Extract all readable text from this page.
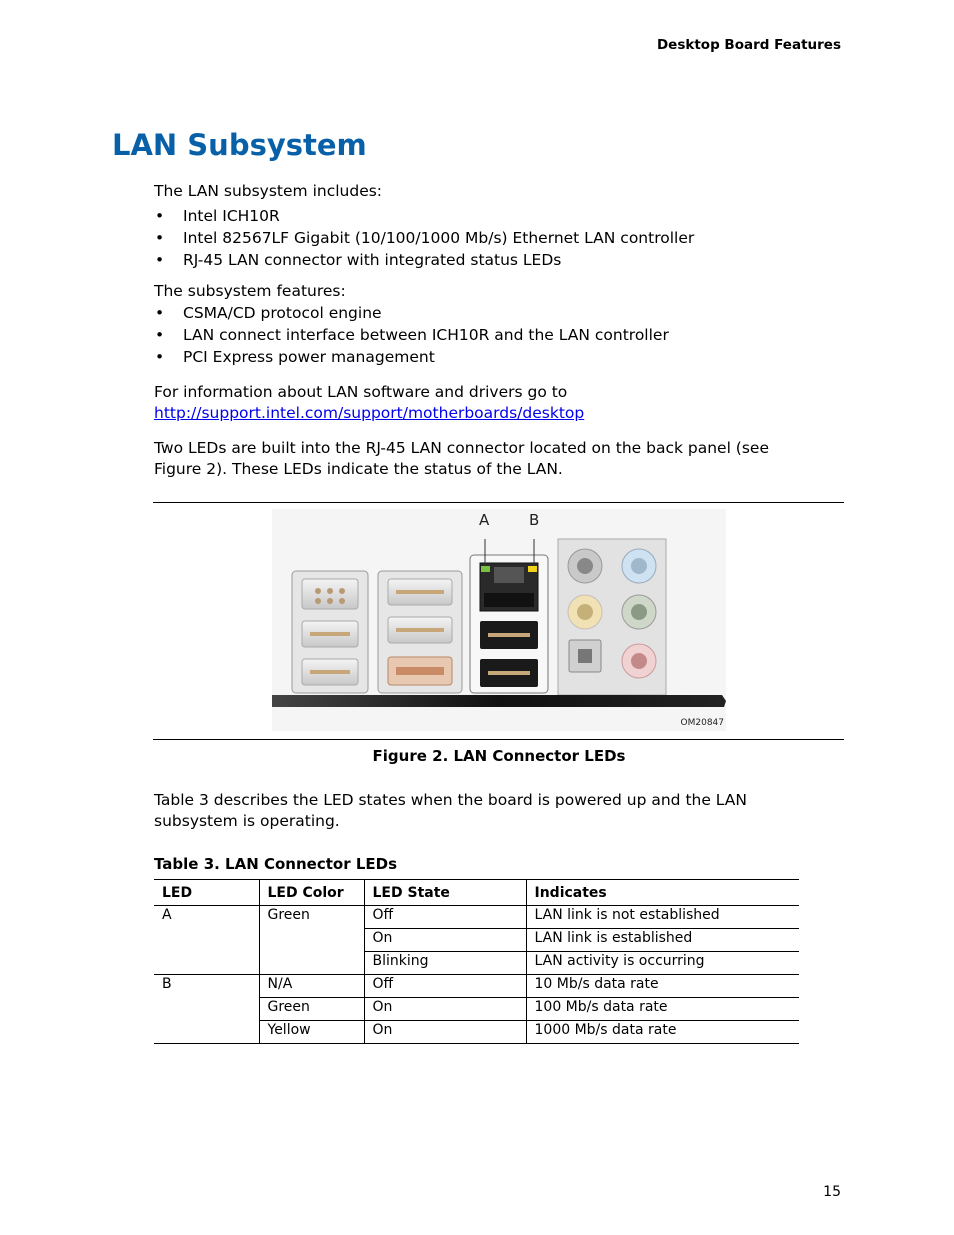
Desktop Board Features
LAN Subsystem

The LAN subsystem includes:

• Intel ICH10R
• Intel 82567LF Gigabit (10/100/1000 Mb/s) Ethernet LAN controller
• RJ-45 LAN connector with integrated status LEDs

The subsystem features:

• CSMA/CD protocol engine
• LAN connect interface between ICH10R and the LAN controller
• PCI Express power management

For information about LAN software and drivers go to
http://support.intel.com/support/motherboards/desktop

Two LEDs are built into the RJ-45 LAN connector located on the back panel (see Figure 2). These LEDs indicate the status of the LAN.

A	B
OM20847
Figure 2. LAN Connector LEDs

Table 3 describes the LED states when the board is powered up and the LAN subsystem is operating.

Table 3. LAN Connector LEDs
LED	LED Color	LED State	Indicates
A	Green	Off	LAN link is not established
		On	LAN link is established
		Blinking	LAN activity is occurring
B	N/A	Off	10 Mb/s data rate
	Green	On	100 Mb/s data rate
	Yellow	On	1000 Mb/s data rate
15
